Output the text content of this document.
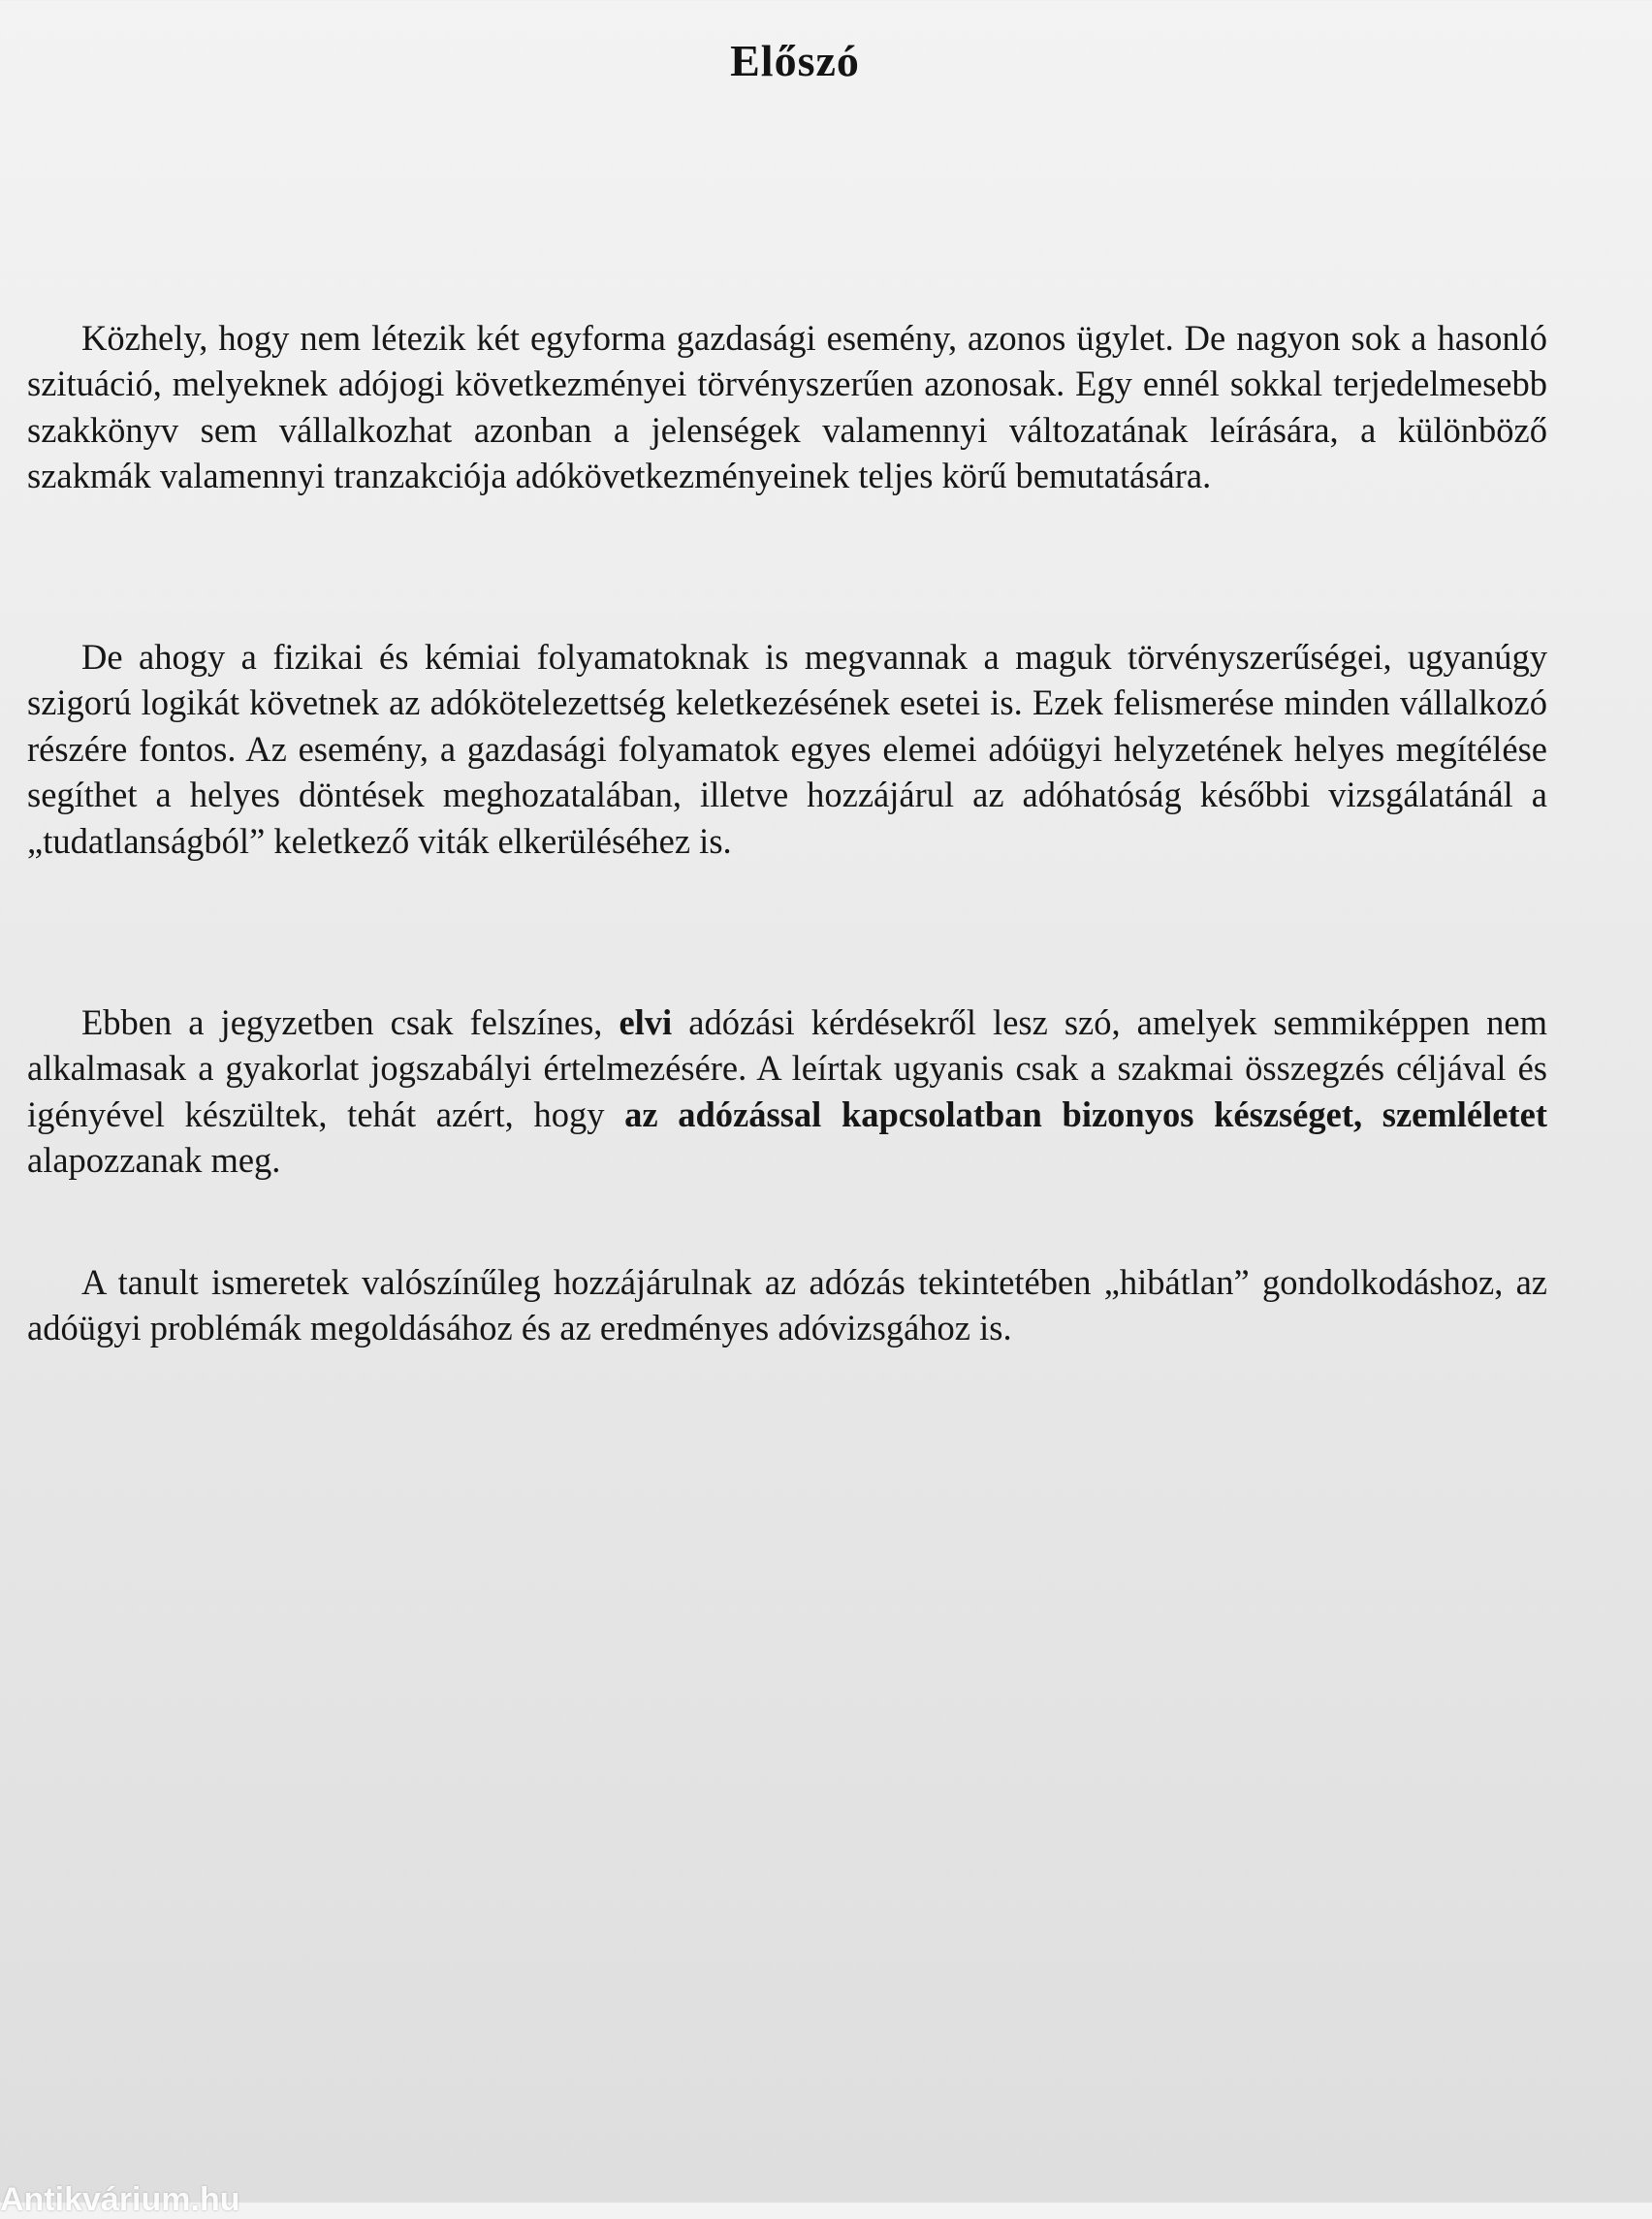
Előszó

Közhely, hogy nem létezik két egyforma gazdasági esemény, azonos ügylet. De nagyon sok a hasonló szituáció, melyeknek adójogi következményei törvényszerűen azonosak. Egy ennél sokkal terjedelmesebb szakkönyv sem vállalkozhat azonban a jelenségek valamennyi változatának leírására, a különböző szakmák valamennyi tranzakciója adókövetkezményeinek teljes körű bemutatására.

De ahogy a fizikai és kémiai folyamatoknak is megvannak a maguk törvényszerűségei, ugyanúgy szigorú logikát követnek az adókötelezettség keletkezésének esetei is. Ezek felismerése minden vállalkozó részére fontos. Az esemény, a gazdasági folyamatok egyes elemei adóügyi helyzetének helyes megítélése segíthet a helyes döntések meghozatalában, illetve hozzájárul az adóhatóság későbbi vizsgálatánál a „tudatlanságból” keletkező viták elkerüléséhez is.

Ebben a jegyzetben csak felszínes, elvi adózási kérdésekről lesz szó, amelyek semmiképpen nem alkalmasak a gyakorlat jogszabályi értelmezésére. A leírtak ugyanis csak a szakmai összegzés céljával és igényével készültek, tehát azért, hogy az adózással kapcsolatban bizonyos készséget, szemléletet alapozzanak meg.

A tanult ismeretek valószínűleg hozzájárulnak az adózás tekintetében „hibátlan” gondolkodáshoz, az adóügyi problémák megoldásához és az eredményes adóvizsgához is.

Antikvárium.hu
